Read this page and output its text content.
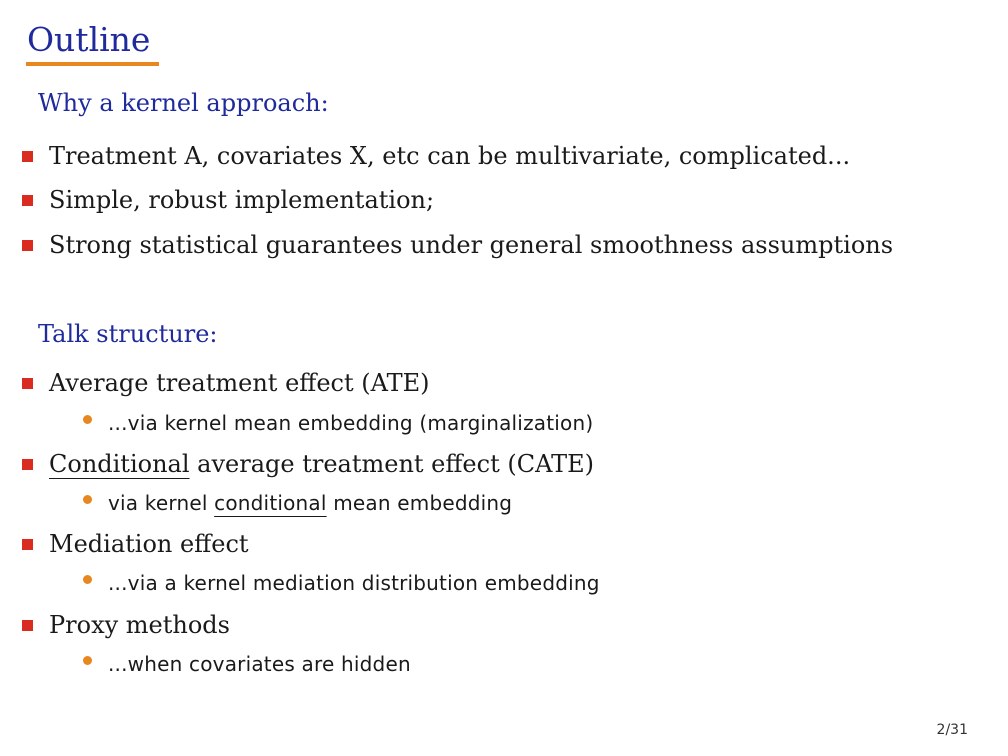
Outline
Why a kernel approach:
Treatment A, covariates X, etc can be multivariate, complicated...
Simple, robust implementation;
Strong statistical guarantees under general smoothness assumptions
Talk structure:
Average treatment effect (ATE)
...via kernel mean embedding (marginalization)
Conditional average treatment effect (CATE)
via kernel conditional mean embedding
Mediation effect
...via a kernel mediation distribution embedding
Proxy methods
...when covariates are hidden
2/31
